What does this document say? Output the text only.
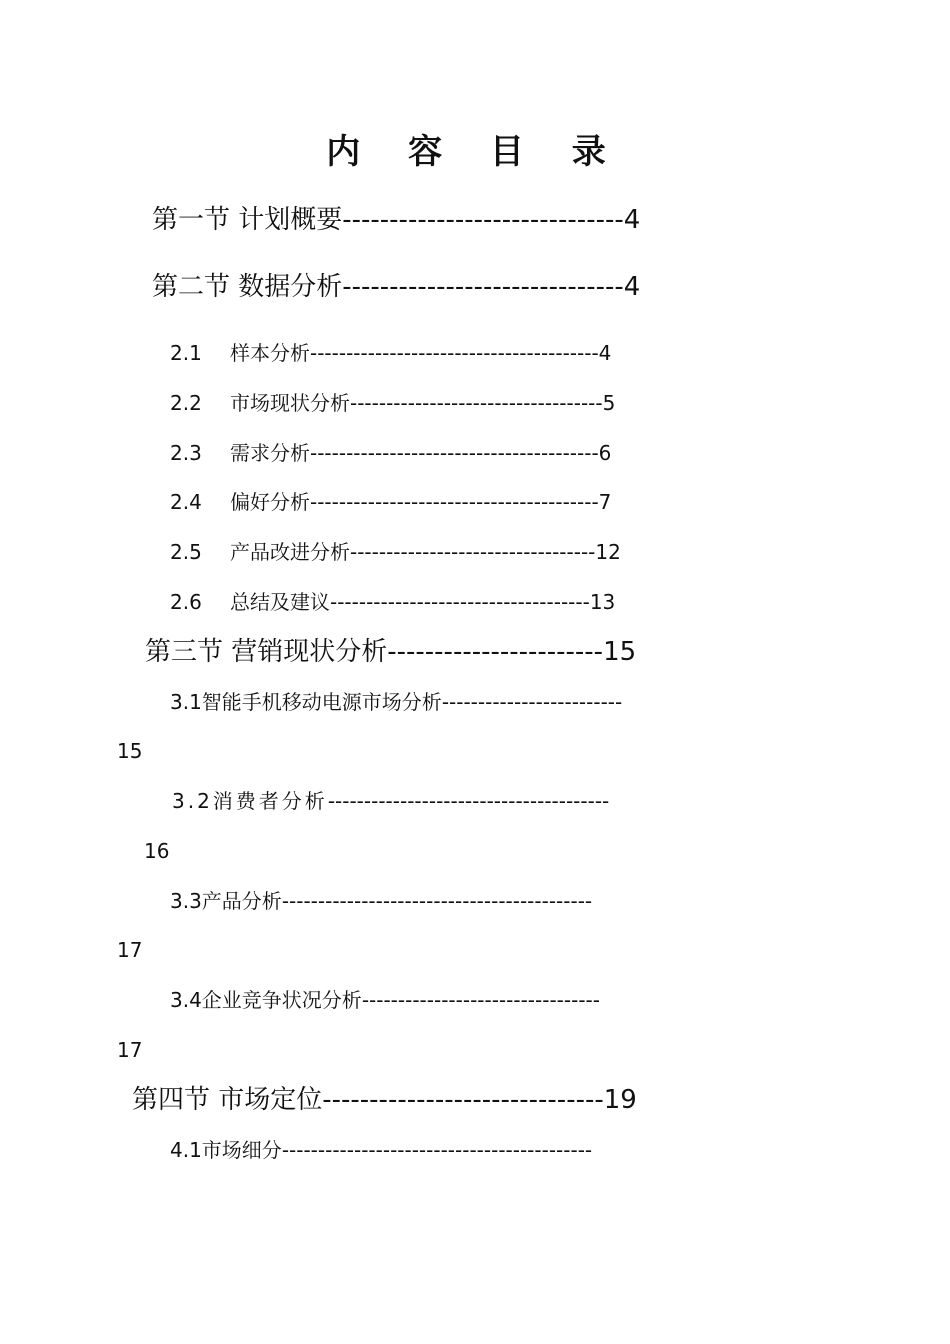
内 容 目 录
第一节 计划概要------------------------------4
第二节 数据分析------------------------------4
2.1 样本分析----------------------------------------4
2.2 市场现状分析-----------------------------------5
2.3 需求分析----------------------------------------6
2.4 偏好分析----------------------------------------7
2.5 产品改进分析----------------------------------12
2.6 总结及建议------------------------------------13
第三节 营销现状分析-----------------------15
3.1智能手机移动电源市场分析-------------------------
15
3.2消费者分析---------------------------------------
16
3.3产品分析-------------------------------------------
17
3.4企业竞争状况分析---------------------------------
17
第四节 市场定位------------------------------19
4.1市场细分-------------------------------------------
